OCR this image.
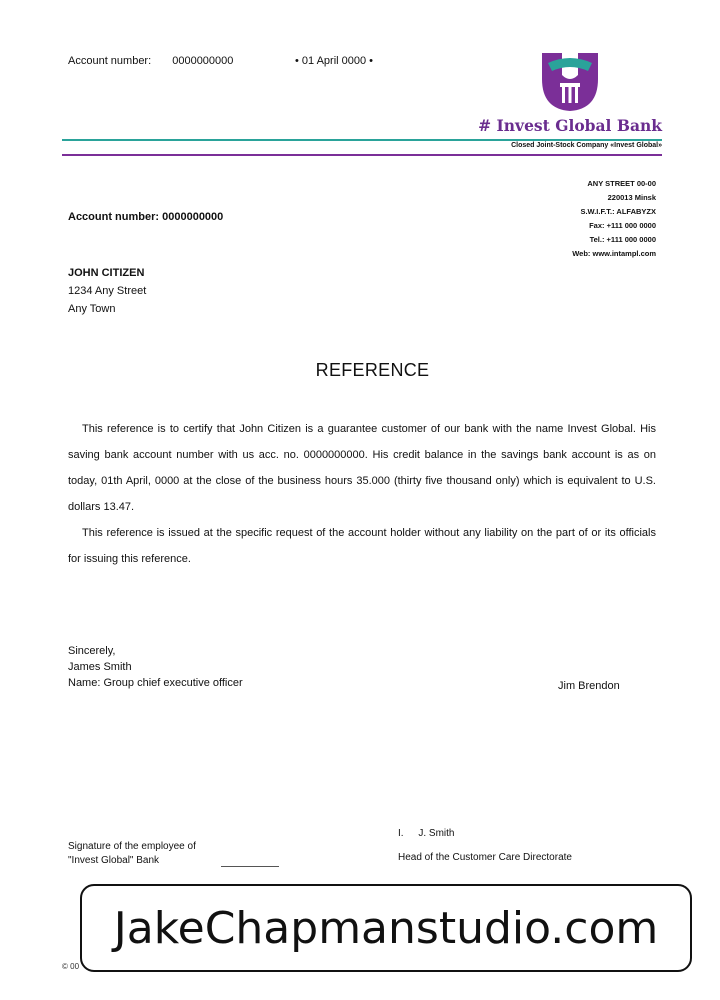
Account number: 0000000000	• 01 April 0000 •
# Invest Global Bank
Closed Joint-Stock Company «Invest Global»
ANY STREET 00-00
220013 Minsk
S.W.I.F.T.: ALFABYZX
Fax: +111 000 0000
Tel.: +111 000 0000
Web: www.intampl.com
Account number: 0000000000
JOHN CITIZEN
1234 Any Street
Any Town
REFERENCE

This reference is to certify that John Citizen is a guarantee customer of our bank with the name Invest Global. His saving bank account number with us acc. no. 0000000000. His credit balance in the savings bank account is as on today, 01th April, 0000 at the close of the business hours 35.000 (thirty five thousand only) which is equivalent to U.S. dollars 13.47.

This reference is issued at the specific request of the account holder without any liability on the part of or its officials for issuing this reference.

Sincerely,
James Smith
Name: Group chief executive officer	Jim Brendon
Signature of the employee of
"Invest Global" Bank
I. J. Smith
Head of the Customer Care Directorate
© 00
JakeChapmanstudio.com
